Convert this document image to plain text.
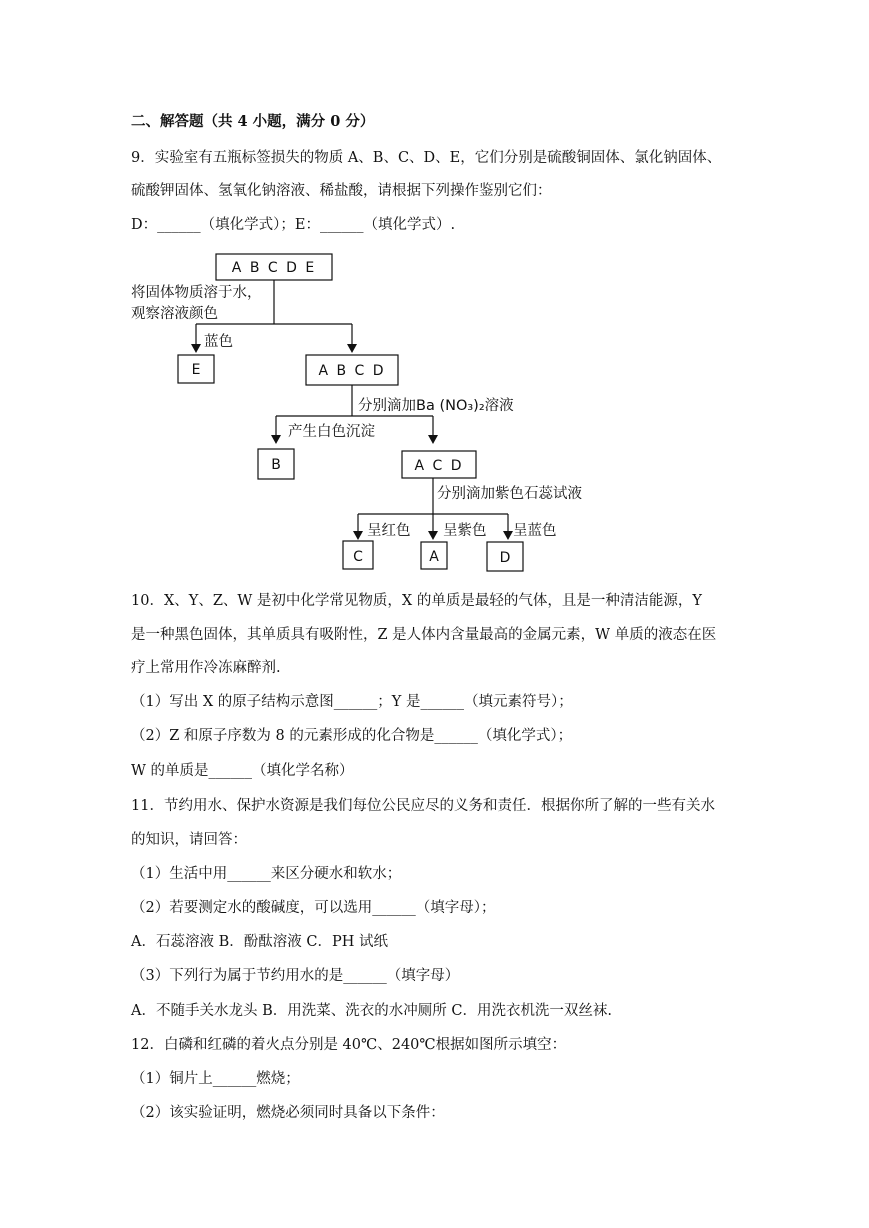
二、解答题（共 4 小题，满分 0 分）
9．实验室有五瓶标签损失的物质 A、B、C、D、E，它们分别是硫酸铜固体、氯化钠固体、
硫酸钾固体、氢氧化钠溶液、稀盐酸，请根据下列操作鉴别它们：
D：______（填化学式）；E：______（填化学式）.
A B C D E
将固体物质溶于水，
观察溶液颜色
蓝色
E	A B C D
分别滴加Ba (NO₃)₂溶液
产生白色沉淀
B	A C D
分别滴加紫色石蕊试液
呈红色 呈紫色 呈蓝色
C	A	D
10．X、Y、Z、W 是初中化学常见物质，X 的单质是最轻的气体，且是一种清洁能源，Y
是一种黑色固体，其单质具有吸附性，Z 是人体内含量最高的金属元素，W 单质的液态在医
疗上常用作冷冻麻醉剂.
（1）写出 X 的原子结构示意图______；Y 是______（填元素符号）；
（2）Z 和原子序数为 8 的元素形成的化合物是______（填化学式）；
W 的单质是______（填化学名称）
11．节约用水、保护水资源是我们每位公民应尽的义务和责任．根据你所了解的一些有关水
的知识，请回答：
（1）生活中用______来区分硬水和软水；
（2）若要测定水的酸碱度，可以选用______（填字母）；
A．石蕊溶液 B．酚酞溶液 C．PH 试纸
（3）下列行为属于节约用水的是______（填字母）
A．不随手关水龙头 B．用洗菜、洗衣的水冲厕所 C．用洗衣机洗一双丝袜.
12．白磷和红磷的着火点分别是 40℃、240℃根据如图所示填空：
（1）铜片上______燃烧；
（2）该实验证明，燃烧必须同时具备以下条件：
